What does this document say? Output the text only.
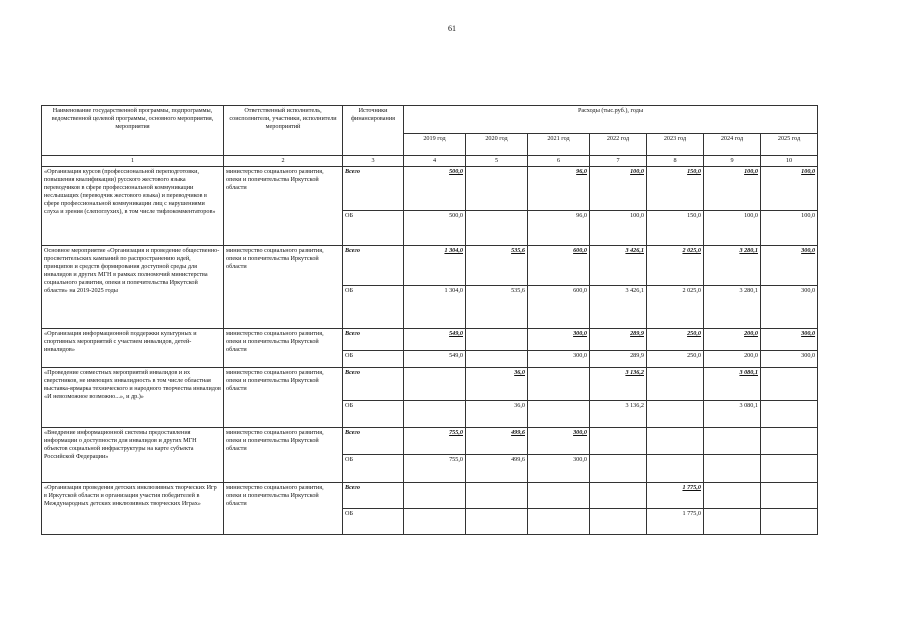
61
Наименование государственной программы, подпрограммы, ведомственной целевой программы, основного мероприятия, мероприятия	Ответственный исполнитель, соисполнители, участники, исполнители мероприятий	Источники финансирования	Расходы (тыс.руб.), годы						
			2019 год	2020 год	2021 год	2022 год	2023 год	2024 год	2025 год
1	2	3	4	5	6	7	8	9	10
«Организация курсов (профессиональной переподготовки, повышения квалификации) русского жестового языка переводчиков в сфере профессиональной коммуникации неслышащих (переводчик жестового языка) и переводчиков в сфере профессиональной коммуникации лиц с нарушениями слуха и зрения (слепоглухих), в том числе тифлокомментаторов»	министерство социального развития, опеки и попечительства Иркутской области	Всего	500,0		96,0	100,0	150,0	100,0	100,0
		ОБ	500,0		96,0	100,0	150,0	100,0	100,0
Основное мероприятие «Организация и проведение общественно-просветительских кампаний по распространению идей, принципов и средств формирования доступной среды для инвалидов и других МГН в рамках полномочий министерства социального развития, опеки и попечительства Иркутской области» на 2019-2025 годы	министерство социального развития, опеки и попечительства Иркутской области	Всего	1 304,0	535,6	600,0	3 426,1	2 025,0	3 280,1	300,0
		ОБ	1 304,0	535,6	600,0	3 426,1	2 025,0	3 280,1	300,0
«Организация информационной поддержки культурных и спортивных мероприятий с участием инвалидов, детей-инвалидов»	министерство социального развития, опеки и попечительства Иркутской области	Всего	549,0		300,0	289,9	250,0	200,0	300,0
		ОБ	549,0		300,0	289,9	250,0	200,0	300,0
«Проведение совместных мероприятий инвалидов и их сверстников, не имеющих инвалидность в том числе областная выставка-ярмарка технического и народного творчества инвалидов «И невозможное возможно...», и др.)»	министерство социального развития, опеки и попечительства Иркутской области	Всего		36,0		3 136,2		3 080,1	
		ОБ		36,0		3 136,2		3 080,1	
«Внедрение информационной системы предоставления информации о доступности для инвалидов и других МГН объектов социальной инфраструктуры на карте субъекта Российской Федерации»	министерство социального развития, опеки и попечительства Иркутской области	Всего	755,0	499,6	300,0				
		ОБ	755,0	499,6	300,0				
«Организация проведения детских инклюзивных творческих Игр в Иркутской области и организация участия победителей в Международных детских инклюзивных творческих Играх»	министерство социального развития, опеки и попечительства Иркутской области	Всего					1 775,0		
		ОБ					1 775,0		
